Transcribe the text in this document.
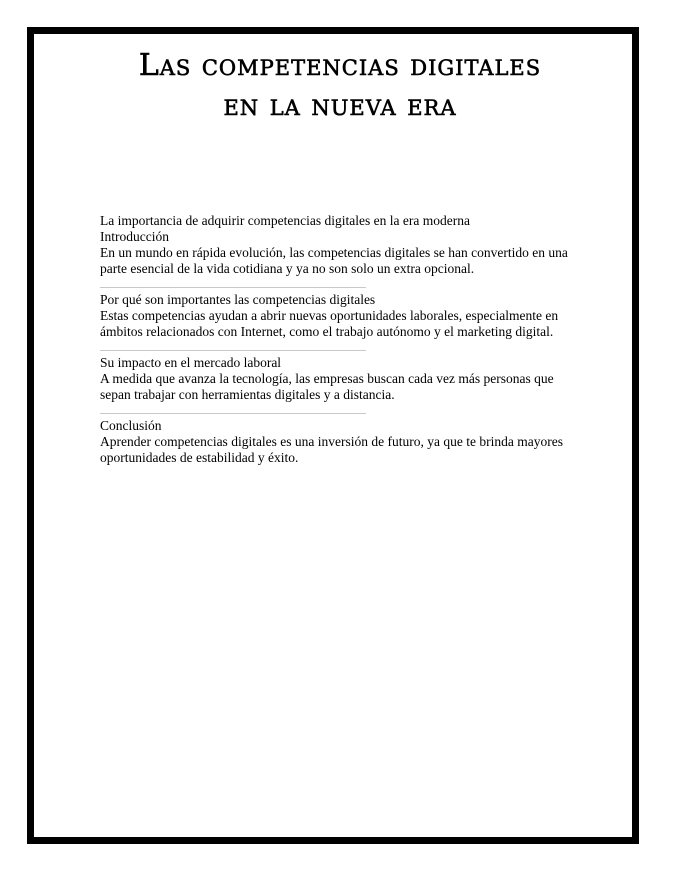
Las competencias digitales
en la nueva era

La importancia de adquirir competencias digitales en la era moderna

Introducción

En un mundo en rápida evolución, las competencias digitales se han convertido en una

parte esencial de la vida cotidiana y ya no son solo un extra opcional.

Por qué son importantes las competencias digitales

Estas competencias ayudan a abrir nuevas oportunidades laborales, especialmente en

ámbitos relacionados con Internet, como el trabajo autónomo y el marketing digital.

Su impacto en el mercado laboral

A medida que avanza la tecnología, las empresas buscan cada vez más personas que

sepan trabajar con herramientas digitales y a distancia.

Conclusión

Aprender competencias digitales es una inversión de futuro, ya que te brinda mayores

oportunidades de estabilidad y éxito.
